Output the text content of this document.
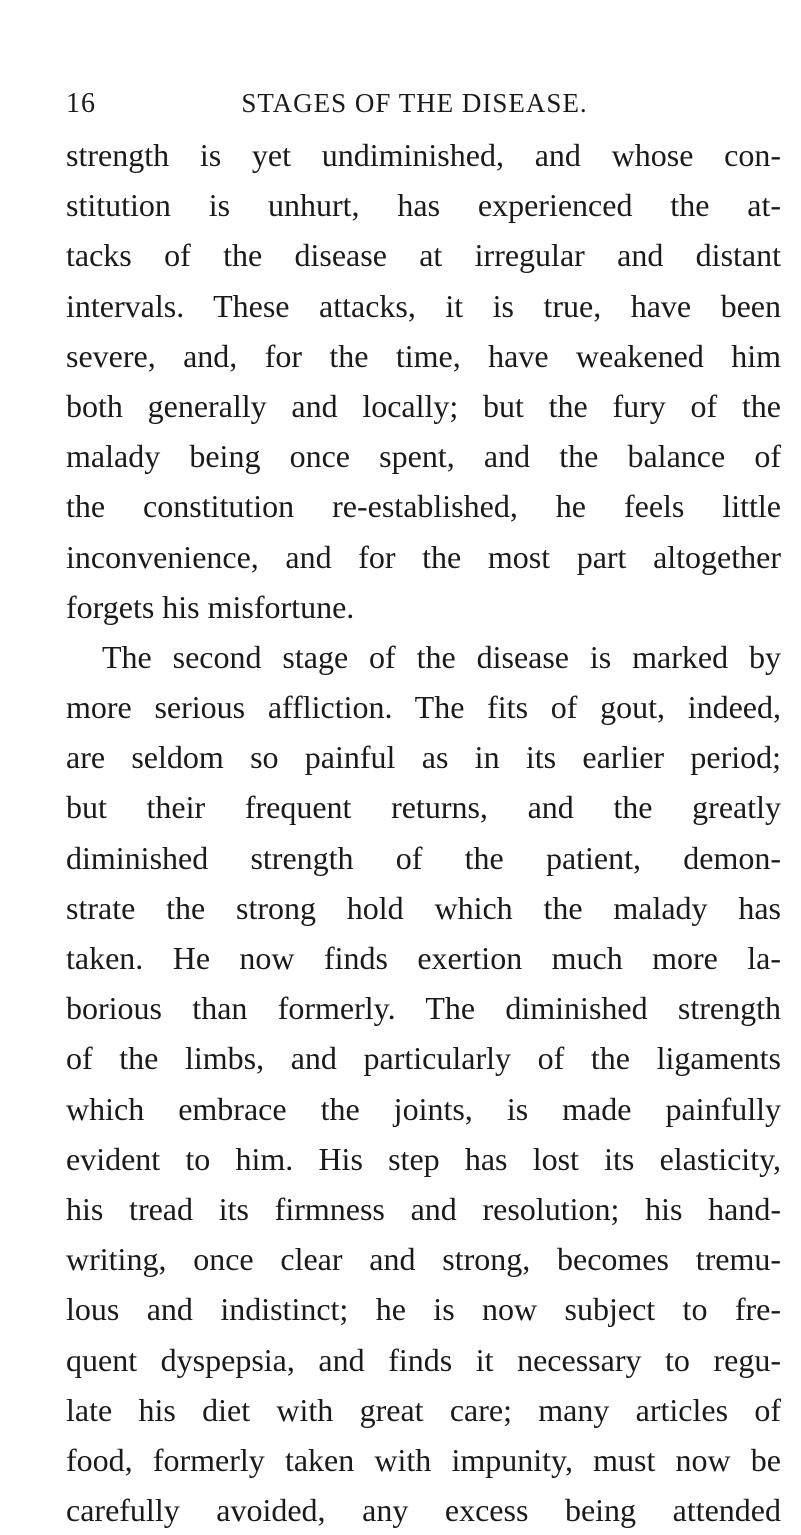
16	STAGES OF THE DISEASE.
strength is yet undiminished, and whose con-
stitution is unhurt, has experienced the at-
tacks of the disease at irregular and distant
intervals. These attacks, it is true, have been
severe, and, for the time, have weakened him
both generally and locally; but the fury of the
malady being once spent, and the balance of
the constitution re-established, he feels little
inconvenience, and for the most part altogether
forgets his misfortune.
The second stage of the disease is marked by
more serious affliction. The fits of gout, indeed,
are seldom so painful as in its earlier period;
but their frequent returns, and the greatly
diminished strength of the patient, demon-
strate the strong hold which the malady has
taken. He now finds exertion much more la-
borious than formerly. The diminished strength
of the limbs, and particularly of the ligaments
which embrace the joints, is made painfully
evident to him. His step has lost its elasticity,
his tread its firmness and resolution; his hand-
writing, once clear and strong, becomes tremu-
lous and indistinct; he is now subject to fre-
quent dyspepsia, and finds it necessary to regu-
late his diet with great care; many articles of
food, formerly taken with impunity, must now be
carefully avoided, any excess being attended
